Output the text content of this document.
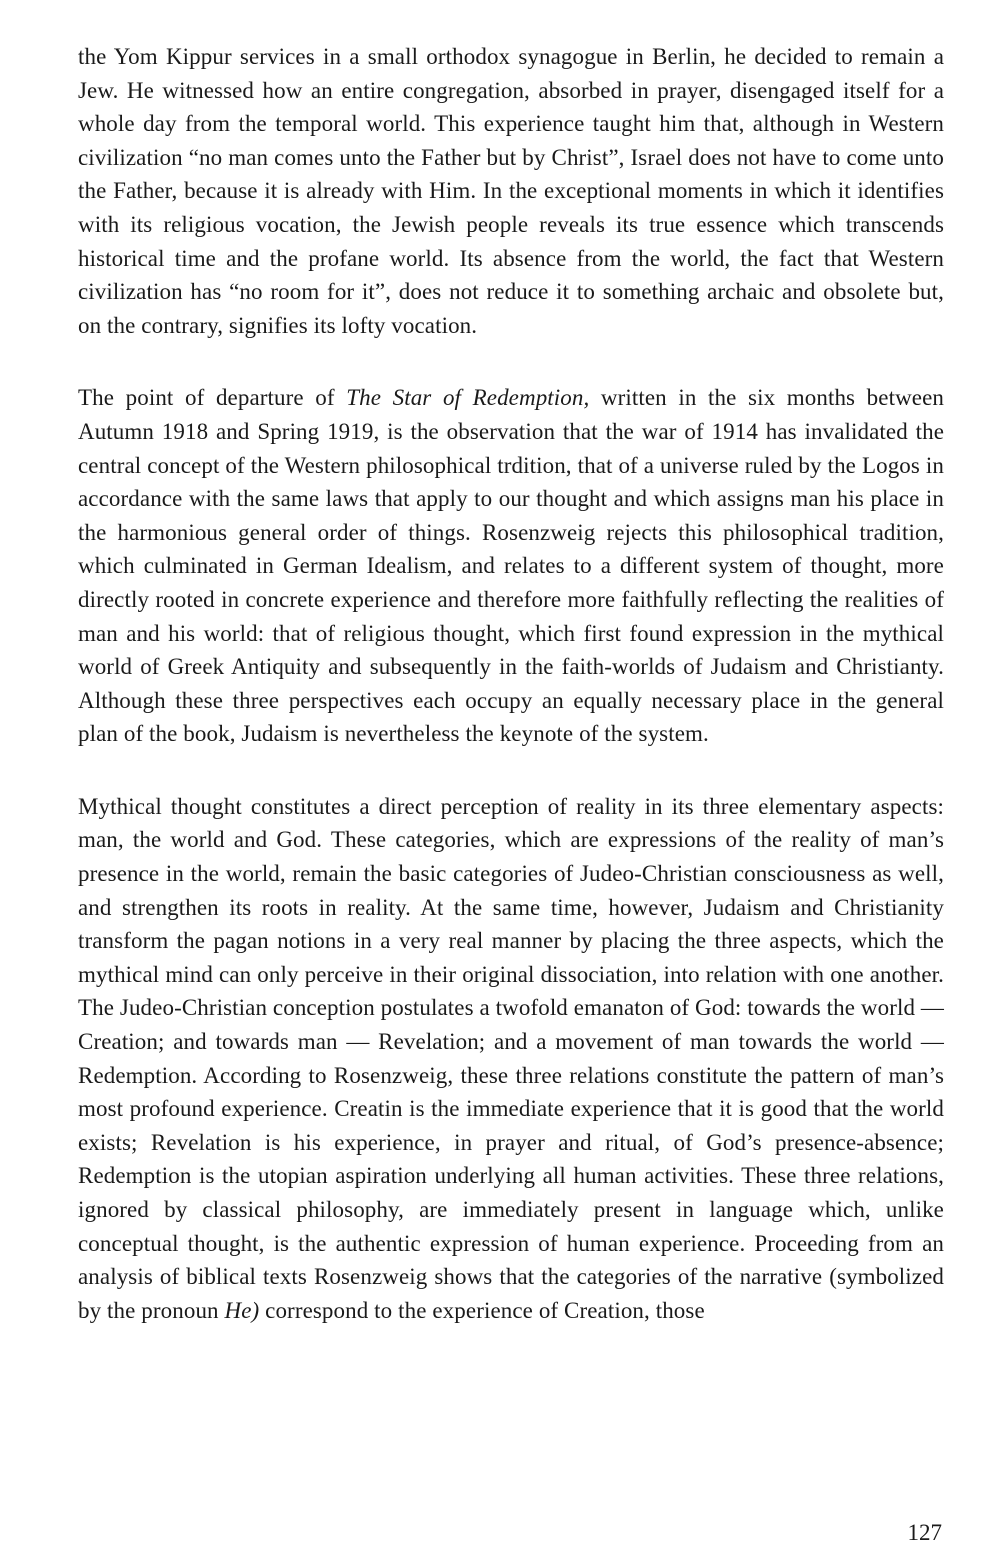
the Yom Kippur services in a small orthodox synagogue in Berlin, he decided to remain a Jew. He witnessed how an entire congregation, absorbed in prayer, disengaged itself for a whole day from the temporal world. This experience taught him that, although in Western civilization “no man comes unto the Father but by Christ”, Israel does not have to come unto the Father, because it is already with Him. In the exceptional moments in which it identifies with its religious vocation, the Jewish people reveals its true essence which transcends historical time and the profane world. Its absence from the world, the fact that Western civilization has “no room for it”, does not reduce it to something archaic and obsolete but, on the contrary, signifies its lofty vocation.

The point of departure of The Star of Redemption, written in the six months between Autumn 1918 and Spring 1919, is the observation that the war of 1914 has invalidated the central concept of the Western philosophical trdition, that of a universe ruled by the Logos in accordance with the same laws that apply to our thought and which assigns man his place in the harmonious general order of things. Rosenzweig rejects this philosophical tradition, which culminated in German Idealism, and relates to a different system of thought, more directly rooted in concrete experience and therefore more faithfully reflecting the realities of man and his world: that of religious thought, which first found expression in the mythical world of Greek Antiquity and subsequently in the faith-worlds of Judaism and Christianty. Although these three perspectives each occupy an equally necessary place in the general plan of the book, Judaism is nevertheless the keynote of the system.

Mythical thought constitutes a direct perception of reality in its three elementary aspects: man, the world and God. These categories, which are expressions of the reality of man’s presence in the world, remain the basic categories of Judeo-Christian consciousness as well, and strengthen its roots in reality. At the same time, however, Judaism and Christianity transform the pagan notions in a very real manner by placing the three aspects, which the mythical mind can only perceive in their original dissociation, into relation with one another. The Judeo-Christian conception postulates a twofold emanaton of God: towards the world — Creation; and towards man — Revelation; and a movement of man towards the world — Redemption. According to Rosenzweig, these three relations constitute the pattern of man’s most profound experience. Creatin is the immediate experience that it is good that the world exists; Revelation is his experience, in prayer and ritual, of God’s presence-absence; Redemption is the utopian aspiration underlying all human activities. These three relations, ignored by classical philosophy, are immediately present in language which, unlike conceptual thought, is the authentic expression of human experience. Proceeding from an analysis of biblical texts Rosenzweig shows that the categories of the narrative (symbolized by the pronoun He) correspond to the experience of Creation, those

127
